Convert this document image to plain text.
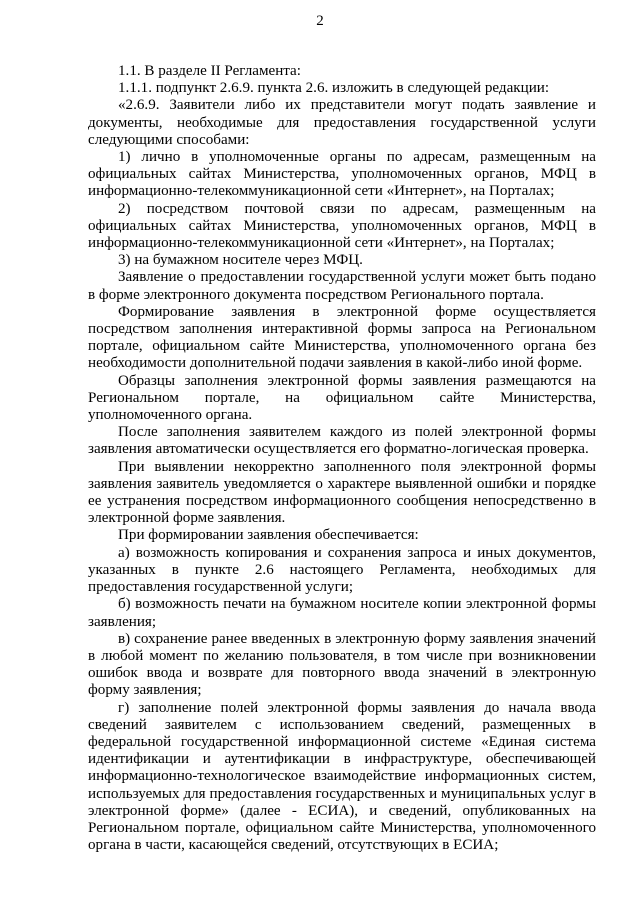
2

1.1. В разделе II Регламента:

1.1.1. подпункт 2.6.9. пункта 2.6. изложить в следующей редакции:

«2.6.9. Заявители либо их представители могут подать заявление и документы, необходимые для предоставления государственной услуги следующими способами:

1) лично в уполномоченные органы по адресам, размещенным на официальных сайтах Министерства, уполномоченных органов, МФЦ в информационно-телекоммуникационной сети «Интернет», на Порталах;

2) посредством почтовой связи по адресам, размещенным на официальных сайтах Министерства, уполномоченных органов, МФЦ в информационно-телекоммуникационной сети «Интернет», на Порталах;

3) на бумажном носителе через МФЦ.

Заявление о предоставлении государственной услуги может быть подано в форме электронного документа посредством Регионального портала.

Формирование заявления в электронной форме осуществляется посредством заполнения интерактивной формы запроса на Региональном портале, официальном сайте Министерства, уполномоченного органа без необходимости дополнительной подачи заявления в какой-либо иной форме.

Образцы заполнения электронной формы заявления размещаются на Региональном портале, на официальном сайте Министерства, уполномоченного органа.

После заполнения заявителем каждого из полей электронной формы заявления автоматически осуществляется его форматно-логическая проверка.

При выявлении некорректно заполненного поля электронной формы заявления заявитель уведомляется о характере выявленной ошибки и порядке ее устранения посредством информационного сообщения непосредственно в электронной форме заявления.

При формировании заявления обеспечивается:

а) возможность копирования и сохранения запроса и иных документов, указанных в пункте 2.6 настоящего Регламента, необходимых для предоставления государственной услуги;

б) возможность печати на бумажном носителе копии электронной формы заявления;

в) сохранение ранее введенных в электронную форму заявления значений в любой момент по желанию пользователя, в том числе при возникновении ошибок ввода и возврате для повторного ввода значений в электронную форму заявления;

г) заполнение полей электронной формы заявления до начала ввода сведений заявителем с использованием сведений, размещенных в федеральной государственной информационной системе «Единая система идентификации и аутентификации в инфраструктуре, обеспечивающей информационно-технологическое взаимодействие информационных систем, используемых для предоставления государственных и муниципальных услуг в электронной форме» (далее - ЕСИА), и сведений, опубликованных на Региональном портале, официальном сайте Министерства, уполномоченного органа в части, касающейся сведений, отсутствующих в ЕСИА;
